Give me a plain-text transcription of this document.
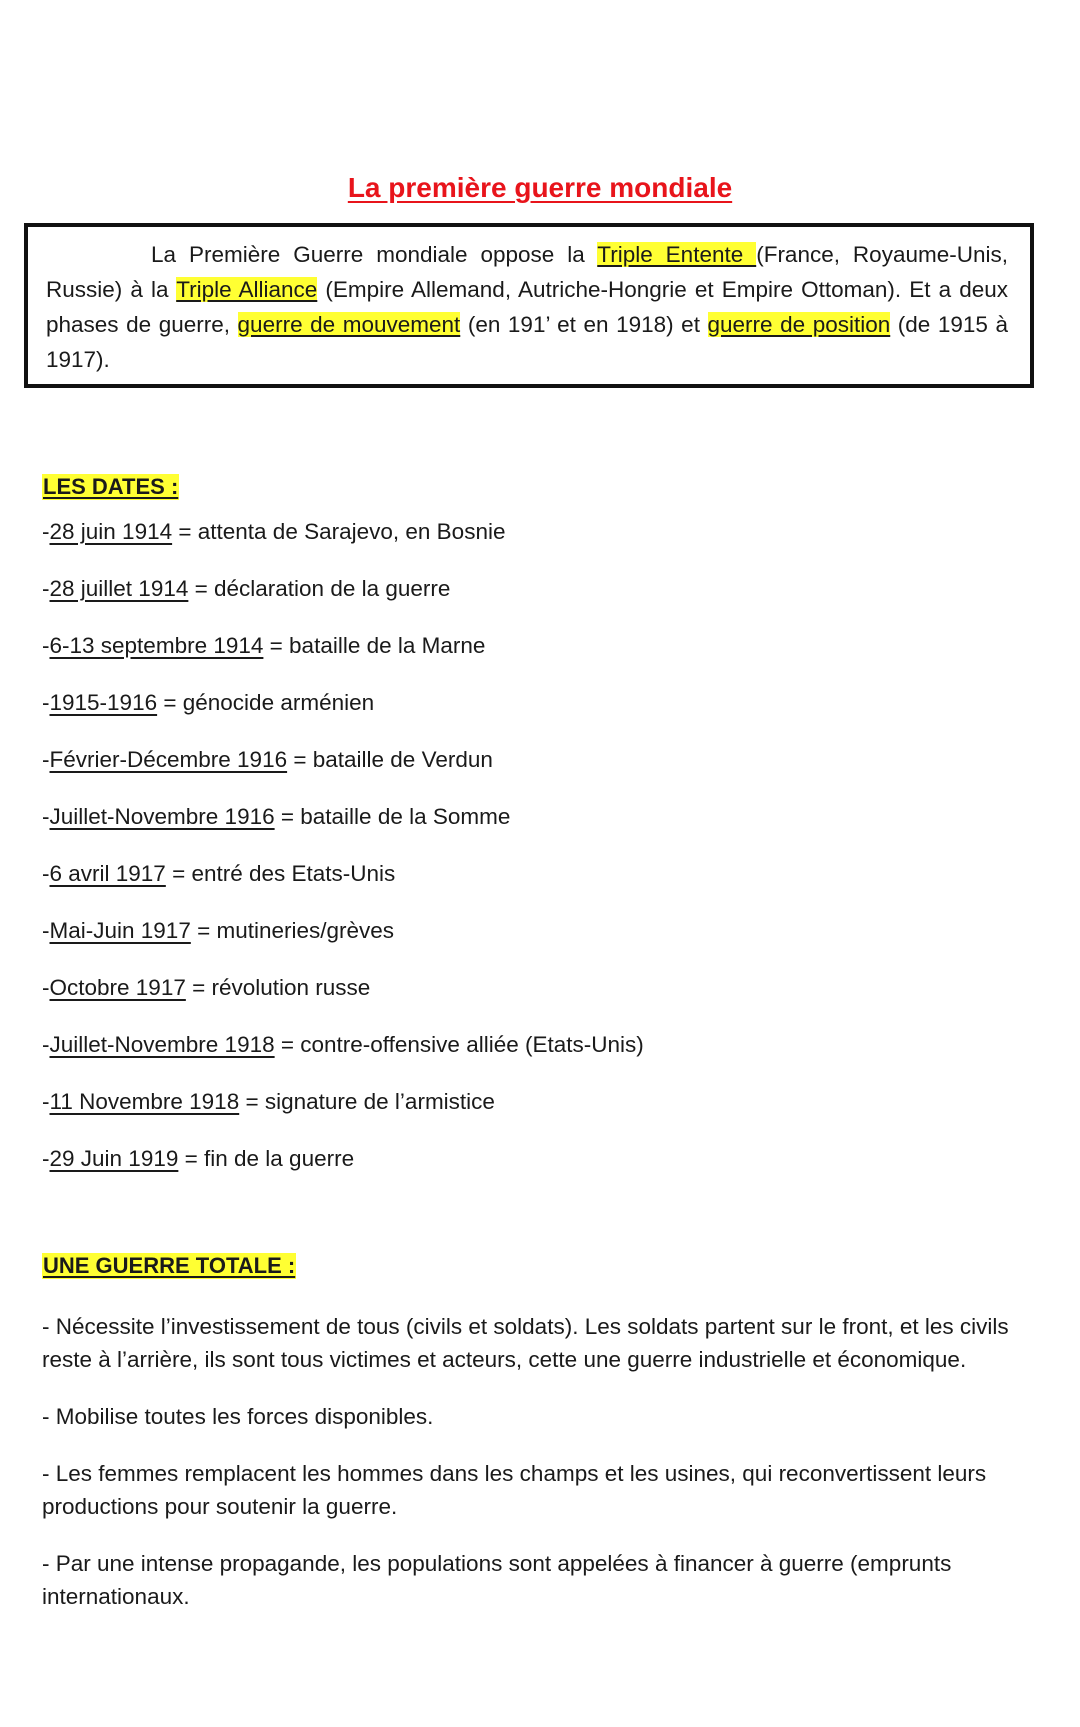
La première guerre mondiale

La Première Guerre mondiale oppose la Triple Entente (France, Royaume-Unis, Russie) à la Triple Alliance (Empire Allemand, Autriche-Hongrie et Empire Ottoman). Et a deux phases de guerre, guerre de mouvement (en 191’ et en 1918) et guerre de position (de 1915 à 1917).

LES DATES :
-28 juin 1914 = attenta de Sarajevo, en Bosnie
-28 juillet 1914 = déclaration de la guerre
-6-13 septembre 1914 = bataille de la Marne
-1915-1916 = génocide arménien
-Février-Décembre 1916 = bataille de Verdun
-Juillet-Novembre 1916 = bataille de la Somme
-6 avril 1917 = entré des Etats-Unis
-Mai-Juin 1917 = mutineries/grèves
-Octobre 1917 = révolution russe
-Juillet-Novembre 1918 = contre-offensive alliée (Etats-Unis)
-11 Novembre 1918 = signature de l’armistice
-29 Juin 1919 = fin de la guerre
UNE GUERRE TOTALE :

- Nécessite l’investissement de tous (civils et soldats). Les soldats partent sur le front, et les civils reste à l’arrière, ils sont tous victimes et acteurs, cette une guerre industrielle et économique.

- Mobilise toutes les forces disponibles.

- Les femmes remplacent les hommes dans les champs et les usines, qui reconvertissent leurs productions pour soutenir la guerre.

- Par une intense propagande, les populations sont appelées à financer à guerre (emprunts internationaux.
